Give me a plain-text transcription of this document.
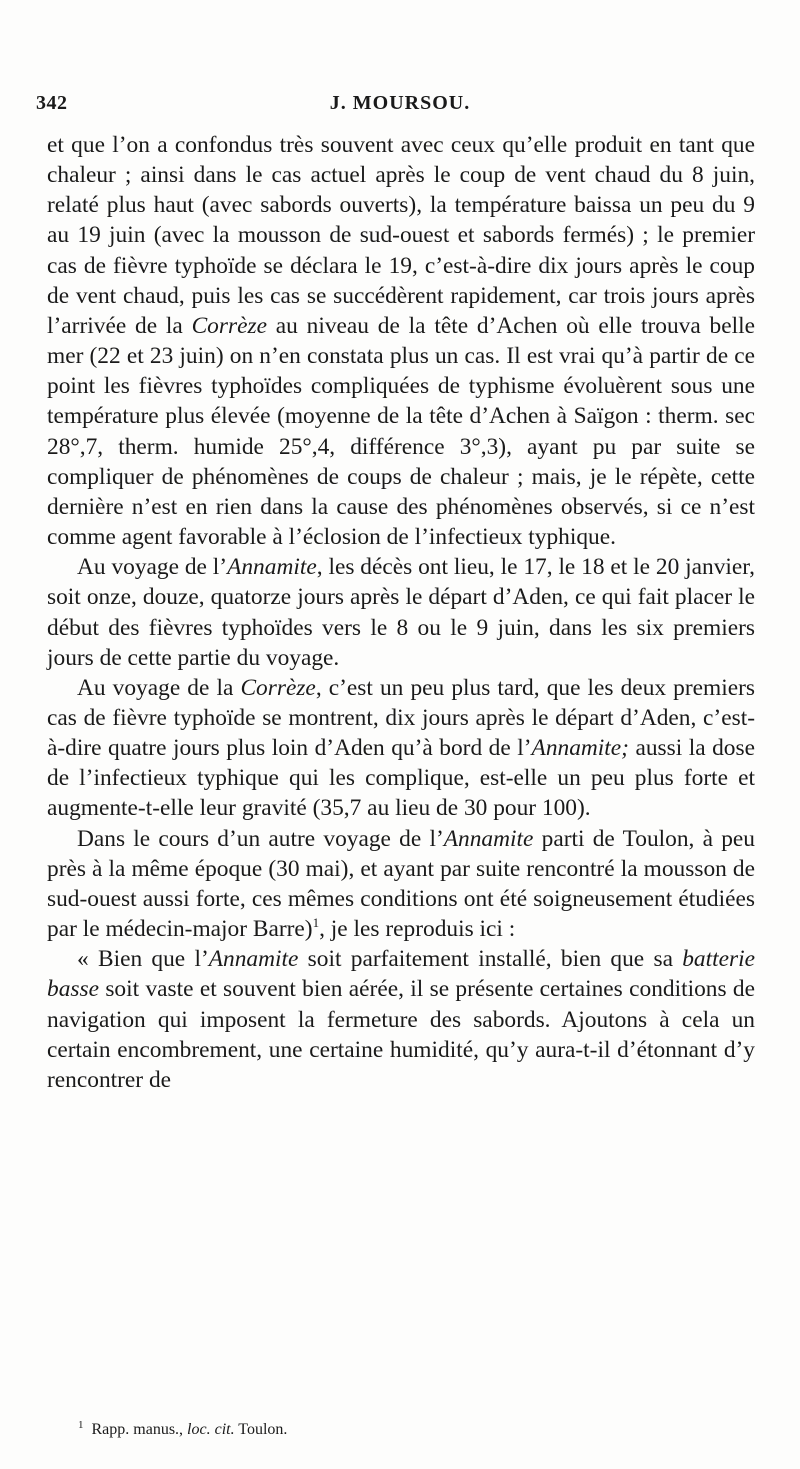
342	J. MOURSOU.

et que l’on a confondus très souvent avec ceux qu’elle produit en tant que chaleur ; ainsi dans le cas actuel après le coup de vent chaud du 8 juin, relaté plus haut (avec sabords ouverts), la température baissa un peu du 9 au 19 juin (avec la mousson de sud-ouest et sabords fermés) ; le premier cas de fièvre typhoïde se déclara le 19, c’est-à-dire dix jours après le coup de vent chaud, puis les cas se succédèrent rapidement, car trois jours après l’arrivée de la Corrèze au niveau de la tête d’Achen où elle trouva belle mer (22 et 23 juin) on n’en constata plus un cas. Il est vrai qu’à partir de ce point les fièvres typhoïdes compliquées de typhisme évoluèrent sous une température plus élevée (moyenne de la tête d’Achen à Saïgon : therm. sec 28°,7, therm. humide 25°,4, différence 3°,3), ayant pu par suite se compliquer de phénomènes de coups de chaleur ; mais, je le répète, cette dernière n’est en rien dans la cause des phénomènes observés, si ce n’est comme agent favorable à l’éclosion de l’infectieux typhique.

Au voyage de l’Annamite, les décès ont lieu, le 17, le 18 et le 20 janvier, soit onze, douze, quatorze jours après le départ d’Aden, ce qui fait placer le début des fièvres typhoïdes vers le 8 ou le 9 juin, dans les six premiers jours de cette partie du voyage.

Au voyage de la Corrèze, c’est un peu plus tard, que les deux premiers cas de fièvre typhoïde se montrent, dix jours après le départ d’Aden, c’est-à-dire quatre jours plus loin d’Aden qu’à bord de l’Annamite; aussi la dose de l’infectieux typhique qui les complique, est-elle un peu plus forte et augmente-t-elle leur gravité (35,7 au lieu de 30 pour 100).

Dans le cours d’un autre voyage de l’Annamite parti de Toulon, à peu près à la même époque (30 mai), et ayant par suite rencontré la mousson de sud-ouest aussi forte, ces mêmes conditions ont été soigneusement étudiées par le médecin-major Barre)$^1$, je les reproduis ici :

« Bien que l’Annamite soit parfaitement installé, bien que sa batterie basse soit vaste et souvent bien aérée, il se présente certaines conditions de navigation qui imposent la fermeture des sabords. Ajoutons à cela un certain encombrement, une certaine humidité, qu’y aura-t-il d’étonnant d’y rencontrer de

$^1$ Rapp. manus., loc. cit. Toulon.
